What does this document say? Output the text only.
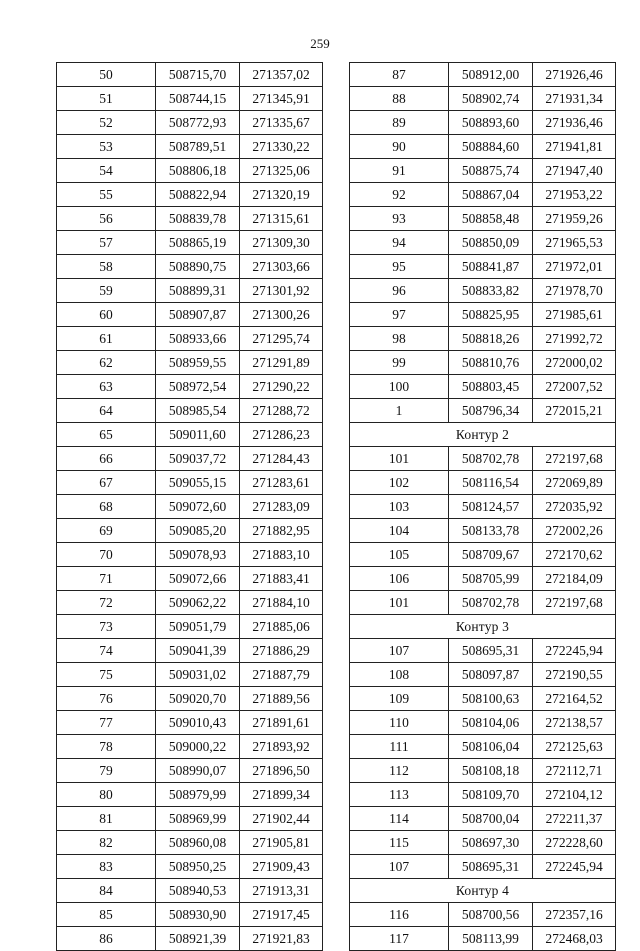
259
50	508715,70	271357,02
51	508744,15	271345,91
52	508772,93	271335,67
53	508789,51	271330,22
54	508806,18	271325,06
55	508822,94	271320,19
56	508839,78	271315,61
57	508865,19	271309,30
58	508890,75	271303,66
59	508899,31	271301,92
60	508907,87	271300,26
61	508933,66	271295,74
62	508959,55	271291,89
63	508972,54	271290,22
64	508985,54	271288,72
65	509011,60	271286,23
66	509037,72	271284,43
67	509055,15	271283,61
68	509072,60	271283,09
69	509085,20	271882,95
70	509078,93	271883,10
71	509072,66	271883,41
72	509062,22	271884,10
73	509051,79	271885,06
74	509041,39	271886,29
75	509031,02	271887,79
76	509020,70	271889,56
77	509010,43	271891,61
78	509000,22	271893,92
79	508990,07	271896,50
80	508979,99	271899,34
81	508969,99	271902,44
82	508960,08	271905,81
83	508950,25	271909,43
84	508940,53	271913,31
85	508930,90	271917,45
86	508921,39	271921,83
87	508912,00	271926,46
88	508902,74	271931,34
89	508893,60	271936,46
90	508884,60	271941,81
91	508875,74	271947,40
92	508867,04	271953,22
93	508858,48	271959,26
94	508850,09	271965,53
95	508841,87	271972,01
96	508833,82	271978,70
97	508825,95	271985,61
98	508818,26	271992,72
99	508810,76	272000,02
100	508803,45	272007,52
1	508796,34	272015,21
Контур 2		
101	508702,78	272197,68
102	508116,54	272069,89
103	508124,57	272035,92
104	508133,78	272002,26
105	508709,67	272170,62
106	508705,99	272184,09
101	508702,78	272197,68
Контур 3		
107	508695,31	272245,94
108	508097,87	272190,55
109	508100,63	272164,52
110	508104,06	272138,57
111	508106,04	272125,63
112	508108,18	272112,71
113	508109,70	272104,12
114	508700,04	272211,37
115	508697,30	272228,60
107	508695,31	272245,94
Контур 4		
116	508700,56	272357,16
117	508113,99	272468,03
